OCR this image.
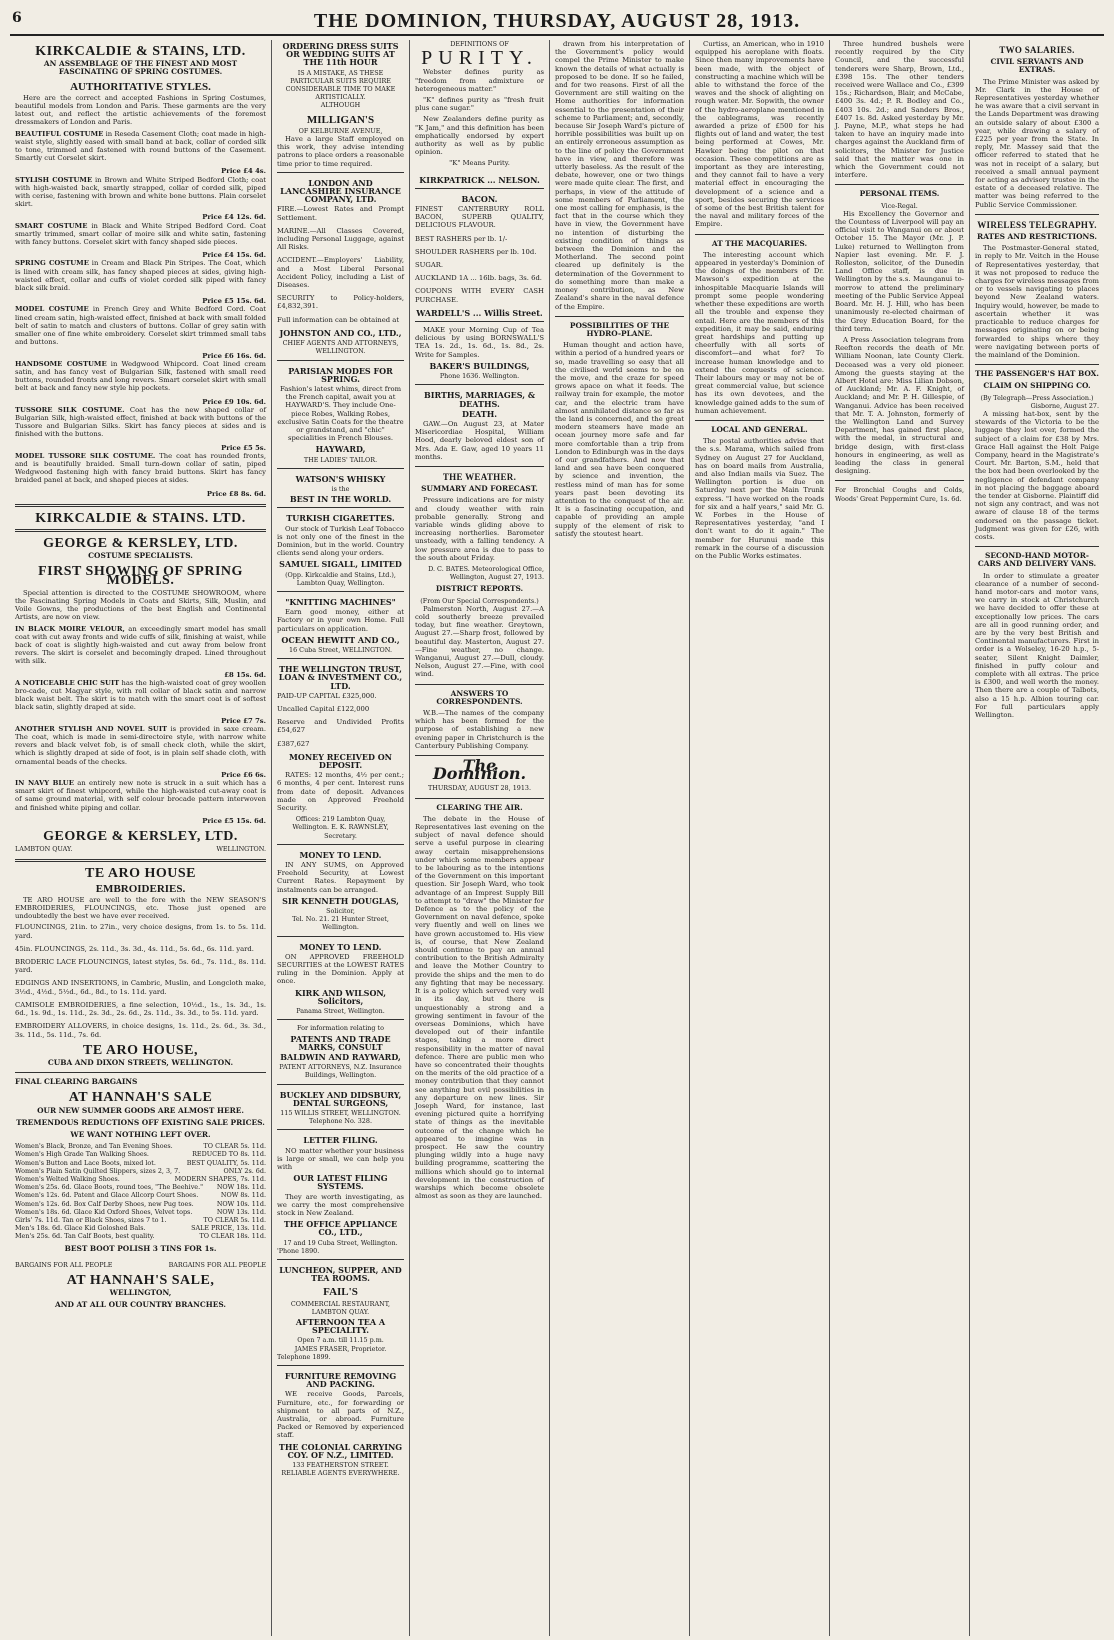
6	THE DOMINION, THURSDAY, AUGUST 28, 1913.
KIRKCALDIE & STAINS, LTD.
AN ASSEMBLAGE OF THE FINEST AND MOST FASCINATING OF SPRING COSTUMES.
AUTHORITATIVE STYLES.

Here are the correct and accepted Fashions in Spring Costumes, beautiful models from London and Paris. These garments are the very latest out, and reflect the artistic achievements of the foremost dressmakers of London and Paris.

BEAUTIFUL COSTUME in Reseda Casement Cloth; coat made in high-waist style, slightly eased with small band at back, collar of corded silk to tone, trimmed and fastened with round buttons of the Casement. Smartly cut Corselet skirt.
Price £4 4s.
STYLISH COSTUME in Brown and White Striped Bedford Cloth; coat with high-waisted back, smartly strapped, collar of corded silk, piped with cerise, fastening with brown and white bone buttons. Plain corselet skirt.
Price £4 12s. 6d.
SMART COSTUME in Black and White Striped Bedford Cord. Coat smartly trimmed, smart collar of moire silk and white satin, fastening with fancy buttons. Corselet skirt with fancy shaped side pieces.
Price £4 15s. 6d.
SPRING COSTUME in Cream and Black Pin Stripes. The Coat, which is lined with cream silk, has fancy shaped pieces at sides, giving high-waisted effect, collar and cuffs of violet corded silk piped with fancy black silk braid.
Price £5 15s. 6d.
MODEL COSTUME in French Grey and White Bedford Cord. Coat lined cream satin, high-waisted effect, finished at back with small folded belt of satin to match and clusters of buttons. Collar of grey satin with smaller one of fine white embroidery. Corselet skirt trimmed small tabs and buttons.
Price £6 16s. 6d.
HANDSOME COSTUME in Wedgwood Whipcord. Coat lined cream satin, and has fancy vest of Bulgarian Silk, fastened with small reed buttons, rounded fronts and long revers. Smart corselet skirt with small belt at back and fancy new style hip pockets.
Price £9 10s. 6d.
TUSSORE SILK COSTUME. Coat has the new shaped collar of Bulgarian Silk, high-waisted effect, finished at back with buttons of the Tussore and Bulgarian Silks. Skirt has fancy pieces at sides and is finished with the buttons.
Price £5 5s.
MODEL TUSSORE SILK COSTUME. The coat has rounded fronts, and is beautifully braided. Small turn-down collar of satin, piped Wedgwood fastening high with fancy braid buttons. Skirt has fancy braided panel at back, and shaped pieces at sides.
Price £8 8s. 6d.
KIRKCALDIE & STAINS. LTD.
GEORGE & KERSLEY, LTD.
COSTUME SPECIALISTS.
FIRST SHOWING OF SPRING MODELS.

Special attention is directed to the COSTUME SHOWROOM, where the Fascinating Spring Models in Coats and Skirts, Silk, Muslin, and Voile Gowns, the productions of the best English and Continental Artists, are now on view.

IN BLACK MOIRE VELOUR, an exceedingly smart model has small coat with cut away fronts and wide cuffs of silk, finishing at waist, while back of coat is slightly high-waisted and cut away from below front revers. The skirt is corselet and becomingly draped. Lined throughout with silk.
£8 15s. 6d.
A NOTICEABLE CHIC SUIT has the high-waisted coat of grey woollen bro-cade, cut Magyar style, with roll collar of black satin and narrow black waist belt. The skirt is to match with the smart coat is of softest black satin, slightly draped at side.
Price £7 7s.
ANOTHER STYLISH AND NOVEL SUIT is provided in saxe cream. The coat, which is made in semi-directoire style, with narrow white revers and black velvet fob, is of small check cloth, while the skirt, which is slightly draped at side of foot, is in plain self shade cloth, with ornamental beads of the checks.
Price £6 6s.
IN NAVY BLUE an entirely new note is struck in a suit which has a smart skirt of finest whipcord, while the high-waisted cut-away coat is of same ground material, with self colour brocade pattern interwoven and finished white piping and collar.
Price £5 15s. 6d.
GEORGE & KERSLEY, LTD.
LAMBTON QUAY.	WELLINGTON.
TE ARO HOUSE
EMBROIDERIES.

TE ARO HOUSE are well to the fore with the NEW SEASON'S EMBROIDERIES, FLOUNCINGS, etc. Those just opened are undoubtedly the best we have ever received.

FLOUNCINGS, 21in. to 27in., very choice designs, from 1s. to 5s. 11d. yard.
45in. FLOUNCINGS, 2s. 11d., 3s. 3d., 4s. 11d., 5s. 6d., 6s. 11d. yard.
BRODERIC LACE FLOUNCINGS, latest styles, 5s. 6d., 7s. 11d., 8s. 11d. yard.
EDGINGS AND INSERTIONS, in Cambric, Muslin, and Longcloth make, 3½d., 4½d., 5½d., 6d., 8d., to 1s. 11d. yard.
CAMISOLE EMBROIDERIES, a fine selection, 10½d., 1s., 1s. 3d., 1s. 6d., 1s. 9d., 1s. 11d., 2s. 3d., 2s. 6d., 2s. 11d., 3s. 3d., to 5s. 11d. yard.
EMBROIDERY ALLOVERS, in choice designs, 1s. 11d., 2s. 6d., 3s. 3d., 3s. 11d., 5s. 11d., 7s. 6d.
TE ARO HOUSE,
CUBA AND DIXON STREETS, WELLINGTON.
FINAL CLEARING BARGAINS
AT HANNAH'S SALE
OUR NEW SUMMER GOODS ARE ALMOST HERE.
TREMENDOUS REDUCTIONS OFF EXISTING SALE PRICES.
WE WANT NOTHING LEFT OVER.
Women's Black, Bronze, and Tan Evening Shoes.	TO CLEAR 5s. 11d.
Women's High Grade Tan Walking Shoes.	REDUCED TO 8s. 11d.
Women's Button and Lace Boots, mixed lot.	BEST QUALITY, 5s. 11d.
Women's Plain Satin Quilted Slippers, sizes 2, 3, 7.	ONLY 2s. 6d.
Women's Welted Walking Shoes.	MODERN SHAPES, 7s. 11d.
Women's 25s. 6d. Glace Boots, round toes, "The Beehive." NOW 18s. 11d.
Women's 12s. 6d. Patent and Glace Allcorp Court Shoes.	NOW 8s. 11d.
Women's 12s. 6d. Box Calf Derby Shoes, new Pug toes.	NOW 10s. 11d.
Women's 18s. 6d. Glace Kid Oxford Shoes, Velvet tops.	NOW 13s. 11d.
Girls' 7s. 11d. Tan or Black Shoes, sizes 7 to 1.	TO CLEAR 5s. 11d.
Men's 18s. 6d. Glace Kid Goloshed Bals.	SALE PRICE, 13s. 11d.
Men's 25s. 6d. Tan Calf Boots, best quality.	TO CLEAR 18s. 11d.
BEST BOOT POLISH 3 TINS FOR 1s.
BARGAINS FOR ALL PEOPLE	BARGAINS FOR ALL PEOPLE
AT HANNAH'S SALE,
WELLINGTON,
AND AT ALL OUR COUNTRY BRANCHES.
ORDERING DRESS SUITS OR WEDDING SUITS AT THE 11th HOUR
IS A MISTAKE, AS THESE PARTICULAR SUITS REQUIRE CONSIDERABLE TIME TO MAKE ARTISTICALLY.
ALTHOUGH
MILLIGAN'S
OF KELBURNE AVENUE,

Have a large Staff employed on this work, they advise intending patrons to place orders a reasonable time prior to time required.

LONDON AND LANCASHIRE INSURANCE COMPANY, LTD.
FIRE.—Lowest Rates and Prompt Settlement.
MARINE.—All Classes Covered, including Personal Luggage, against All Risks.
ACCIDENT.—Employers' Liability, and a Most Liberal Personal Accident Policy, including a List of Diseases.
SECURITY to Policy-holders, £4,832,391.
Full information can be obtained at
JOHNSTON AND CO., LTD.,
CHIEF AGENTS AND ATTORNEYS, WELLINGTON.
PARISIAN MODES FOR SPRING.

Fashion's latest whims, direct from the French capital, await you at HAYWARD'S. They include One-piece Robes, Walking Robes, exclusive Satin Coats for the theatre or grandstand, and "chic" specialities in French Blouses.

HAYWARD,
THE LADIES' TAILOR.
WATSON'S WHISKY
is the
BEST IN THE WORLD.
TURKISH CIGARETTES.

Our stock of Turkish Leaf Tobacco is not only one of the finest in the Dominion, but in the world. Country clients send along your orders.

SAMUEL SIGALL, LIMITED
(Opp. Kirkcaldie and Stains, Ltd.), Lambton Quay, Wellington.
"KNITTING MACHINES"

Earn good money, either at Factory or in your own Home. Full particulars on application.

OCEAN HEWITT AND CO.,
16 Cuba Street, WELLINGTON.
THE WELLINGTON TRUST, LOAN & INVESTMENT CO., LTD.
PAID-UP CAPITAL £325,000.
Uncalled Capital £122,000
Reserve and Undivided Profits £54,627
£387,627
MONEY RECEIVED ON DEPOSIT.

RATES: 12 months, 4½ per cent.; 6 months, 4 per cent. Interest runs from date of deposit. Advances made on Approved Freehold Security.

Offices: 219 Lambton Quay, Wellington. E. K. RAWNSLEY, Secretary.
MONEY TO LEND.

IN ANY SUMS, on Approved Freehold Security, at Lowest Current Rates. Repayment by instalments can be arranged.

SIR KENNETH DOUGLAS,
Solicitor,
Tel. No. 21. 21 Hunter Street, Wellington.
MONEY TO LEND.

ON APPROVED FREEHOLD SECURITIES at the LOWEST RATES ruling in the Dominion. Apply at once.

KIRK AND WILSON, Solicitors,
Panama Street, Wellington.
For information relating to
PATENTS AND TRADE MARKS, CONSULT
BALDWIN AND RAYWARD,
PATENT ATTORNEYS, N.Z. Insurance Buildings, Wellington.
BUCKLEY AND DIDSBURY, DENTAL SURGEONS,
115 WILLIS STREET, WELLINGTON. Telephone No. 328.
LETTER FILING.

NO matter whether your business is large or small, we can help you with

OUR LATEST FILING SYSTEMS.

They are worth investigating, as we carry the most comprehensive stock in New Zealand.

THE OFFICE APPLIANCE CO., LTD.,
17 and 19 Cuba Street, Wellington.
'Phone 1890.
LUNCHEON, SUPPER, AND TEA ROOMS.
FAIL'S
COMMERCIAL RESTAURANT, LAMBTON QUAY.
AFTERNOON TEA A SPECIALITY.
Open 7 a.m. till 11.15 p.m.
JAMES FRASER, Proprietor.
Telephone 1899.
FURNITURE REMOVING AND PACKING.

WE receive Goods, Parcels, Furniture, etc., for forwarding or shipment to all parts of N.Z., Australia, or abroad. Furniture Packed or Removed by experienced staff.

THE COLONIAL CARRYING COY. OF N.Z., LIMITED.
133 FEATHERSTON STREET. RELIABLE AGENTS EVERYWHERE.
DEFINITIONS OF
PURITY.

Webster defines purity as "freedom from admixture or heterogeneous matter."

"K" defines purity as "fresh fruit plus cane sugar."

New Zealanders define purity as "K Jam," and this definition has been emphatically endorsed by expert authority as well as by public opinion.

"K" Means Purity.
KIRKPATRICK ... NELSON.
BACON.
FINEST CANTERBURY ROLL BACON, SUPERB QUALITY, DELICIOUS FLAVOUR.
BEST RASHERS per lb. 1/-
SHOULDER RASHERS per lb. 10d.
SUGAR.
AUCKLAND 1A ... 16lb. bags, 3s. 6d.
COUPONS WITH EVERY CASH PURCHASE.
WARDELL'S ... Willis Street.

MAKE your Morning Cup of Tea delicious by using BORNSWALL'S TEA 1s. 2d., 1s. 6d., 1s. 8d., 2s. Write for Samples.

BAKER'S BUILDINGS,
Phone 1636. Wellington.
BIRTHS, MARRIAGES, & DEATHS.
DEATH.

GAW.—On August 23, at Mater Misericordiae Hospital, William Hood, dearly beloved eldest son of Mrs. Ada E. Gaw, aged 10 years 11 months.

THE WEATHER.
SUMMARY AND FORECAST.

Pressure indications are for misty and cloudy weather with rain probable generally. Strong and variable winds gliding above to increasing northerlies. Barometer unsteady, with a falling tendency. A low pressure area is due to pass to the south about Friday.

D. C. BATES. Meteorological Office, Wellington, August 27, 1913.
DISTRICT REPORTS.
(From Our Special Correspondents.)

Palmerston North, August 27.—A cold southerly breeze prevailed today, but fine weather. Greytown, August 27.—Sharp frost, followed by beautiful day. Masterton, August 27.—Fine weather, no change. Wanganui, August 27.—Dull, cloudy. Nelson, August 27.—Fine, with cool wind.

ANSWERS TO CORRESPONDENTS.

W.B.—The names of the company which has been formed for the purpose of establishing a new evening paper in Christchurch is the Canterbury Publishing Company.

The Dominion.
THURSDAY, AUGUST 28, 1913.
CLEARING THE AIR.

The debate in the House of Representatives last evening on the subject of naval defence should serve a useful purpose in clearing away certain misapprehensions under which some members appear to be labouring as to the intentions of the Government on this important question. Sir Joseph Ward, who took advantage of an Imprest Supply Bill to attempt to "draw" the Minister for Defence as to the policy of the Government on naval defence, spoke very fluently and well on lines we have grown accustomed to. His view is, of course, that New Zealand should continue to pay an annual contribution to the British Admiralty and leave the Mother Country to provide the ships and the men to do any fighting that may be necessary. It is a policy which served very well in its day, but there is unquestionably a strong and a growing sentiment in favour of the overseas Dominions, which have developed out of their infantile stages, taking a more direct responsibility in the matter of naval defence. There are public men who have so concentrated their thoughts on the merits of the old practice of a money contribution that they cannot see anything but evil possibilities in any departure on new lines. Sir Joseph Ward, for instance, last evening pictured quite a horrifying state of things as the inevitable outcome of the change which he appeared to imagine was in prospect. He saw the country plunging wildly into a huge navy building programme, scattering the millions which should go to internal development in the construction of warships which become obsolete almost as soon as they are launched.

drawn from his interpretation of the Government's policy would compel the Prime Minister to make known the details of what actually is proposed to be done. If so he failed, and for two reasons. First of all the Government are still waiting on the Home authorities for information essential to the presentation of their scheme to Parliament; and, secondly, because Sir Joseph Ward's picture of horrible possibilities was built up on an entirely erroneous assumption as to the line of policy the Government have in view, and therefore was utterly baseless. As the result of the debate, however, one or two things were made quite clear. The first, and perhaps, in view of the attitude of some members of Parliament, the one most calling for emphasis, is the fact that in the course which they have in view, the Government have no intention of disturbing the existing condition of things as between the Dominion and the Motherland. The second point cleared up definitely is the determination of the Government to do something more than make a money contribution, as New Zealand's share in the naval defence of the Empire.

POSSIBILITIES OF THE HYDRO-PLANE.

Human thought and action have, within a period of a hundred years or so, made travelling so easy that all the civilised world seems to be on the move, and the craze for speed grows apace on what it feeds. The railway train for example, the motor car, and the electric tram have almost annihilated distance so far as the land is concerned, and the great modern steamers have made an ocean journey more safe and far more comfortable than a trip from London to Edinburgh was in the days of our grandfathers. And now that land and sea have been conquered by science and invention, the restless mind of man has for some years past been devoting its attention to the conquest of the air. It is a fascinating occupation, and capable of providing an ample supply of the element of risk to satisfy the stoutest heart.

Curtiss, an American, who in 1910 equipped his aeroplane with floats. Since then many improvements have been made, with the object of constructing a machine which will be able to withstand the force of the waves and the shock of alighting on rough water. Mr. Sopwith, the owner of the hydro-aeroplane mentioned in the cablegrams, was recently awarded a prize of £500 for his flights out of land and water, the test being performed at Cowes, Mr. Hawker being the pilot on that occasion. These competitions are as important as they are interesting, and they cannot fail to have a very material effect in encouraging the development of a science and a sport, besides securing the services of some of the best British talent for the naval and military forces of the Empire.

AT THE MACQUARIES.

The interesting account which appeared in yesterday's Dominion of the doings of the members of Dr. Mawson's expedition at the inhospitable Macquarie Islands will prompt some people wondering whether these expeditions are worth all the trouble and expense they entail. Here are the members of this expedition, it may be said, enduring great hardships and putting up cheerfully with all sorts of discomfort—and what for? To increase human knowledge and to extend the conquests of science. Their labours may or may not be of great commercial value, but science has its own devotees, and the knowledge gained adds to the sum of human achievement.

LOCAL AND GENERAL.

The postal authorities advise that the s.s. Marama, which sailed from Sydney on August 27 for Auckland, has on board mails from Australia, and also Indian mails via Suez. The Wellington portion is due on Saturday next per the Main Trunk express. "I have worked on the roads for six and a half years," said Mr. G. W. Forbes in the House of Representatives yesterday, "and I don't want to do it again." The member for Hurunui made this remark in the course of a discussion on the Public Works estimates.

Three hundred bushels were recently required by the City Council, and the successful tenderers were Sharp, Brown, Ltd., £398 15s. The other tenders received were Wallace and Co., £399 15s.; Richardson, Blair, and McCabe, £400 3s. 4d.; P. R. Bodley and Co., £403 10s. 2d.; and Sanders Bros., £407 1s. 8d. Asked yesterday by Mr. J. Payne, M.P., what steps he had taken to have an inquiry made into charges against the Auckland firm of solicitors, the Minister for Justice said that the matter was one in which the Government could not interfere.

PERSONAL ITEMS.
Vice-Regal.

His Excellency the Governor and the Countess of Liverpool will pay an official visit to Wanganui on or about October 15. The Mayor (Mr. J. P. Luke) returned to Wellington from Napier last evening. Mr. F. J. Rolleston, solicitor, of the Dunedin Land Office staff, is due in Wellington by the s.s. Maunganui to-morrow to attend the preliminary meeting of the Public Service Appeal Board. Mr. H. J. Hill, who has been unanimously re-elected chairman of the Grey Education Board, for the third term.

A Press Association telegram from Reefton records the death of Mr. William Noonan, late County Clerk. Deceased was a very old pioneer. Among the guests staying at the Albert Hotel are: Miss Lilian Dobson, of Auckland; Mr. A. F. Knight, of Auckland; and Mr. P. H. Gillespie, of Wanganui. Advice has been received that Mr. T. A. Johnston, formerly of the Wellington Land and Survey Department, has gained first place, with the medal, in structural and bridge design, with first-class honours in engineering, as well as leading the class in general designing.

For Bronchial Coughs and Colds, Woods' Great Peppermint Cure, 1s. 6d.
TWO SALARIES.
CIVIL SERVANTS AND EXTRAS.

The Prime Minister was asked by Mr. Clark in the House of Representatives yesterday whether he was aware that a civil servant in the Lands Department was drawing an outside salary of about £300 a year, while drawing a salary of £225 per year from the State. In reply, Mr. Massey said that the officer referred to stated that he was not in receipt of a salary, but received a small annual payment for acting as advisory trustee in the estate of a deceased relative. The matter was being referred to the Public Service Commissioner.

WIRELESS TELEGRAPHY.
RATES AND RESTRICTIONS.

The Postmaster-General stated, in reply to Mr. Veitch in the House of Representatives yesterday, that it was not proposed to reduce the charges for wireless messages from or to vessels navigating to places beyond New Zealand waters. Inquiry would, however, be made to ascertain whether it was practicable to reduce charges for messages originating on or being forwarded to ships where they were navigating between ports of the mainland of the Dominion.

THE PASSENGER'S HAT BOX.
CLAIM ON SHIPPING CO.
(By Telegraph—Press Association.)
Gisborne, August 27.

A missing hat-box, sent by the stewards of the Victoria to be the luggage they lost over, formed the subject of a claim for £38 by Mrs. Grace Hall against the Holt Paige Company, heard in the Magistrate's Court. Mr. Barton, S.M., held that the box had been overlooked by the negligence of defendant company in not placing the baggage aboard the tender at Gisborne. Plaintiff did not sign any contract, and was not aware of clause 18 of the terms endorsed on the passage ticket. Judgment was given for £26, with costs.

SECOND-HAND MOTOR-CARS AND DELIVERY VANS.

In order to stimulate a greater clearance of a number of second-hand motor-cars and motor vans, we carry in stock at Christchurch we have decided to offer these at exceptionally low prices. The cars are all in good running order, and are by the very best British and Continental manufacturers. First in order is a Wolseley, 16-20 h.p., 5-seater, Silent Knight Daimler, finished in puffy colour and complete with all extras. The price is £300, and well worth the money. Then there are a couple of Talbots, also a 15 h.p. Albion touring car. For full particulars apply Wellington.
